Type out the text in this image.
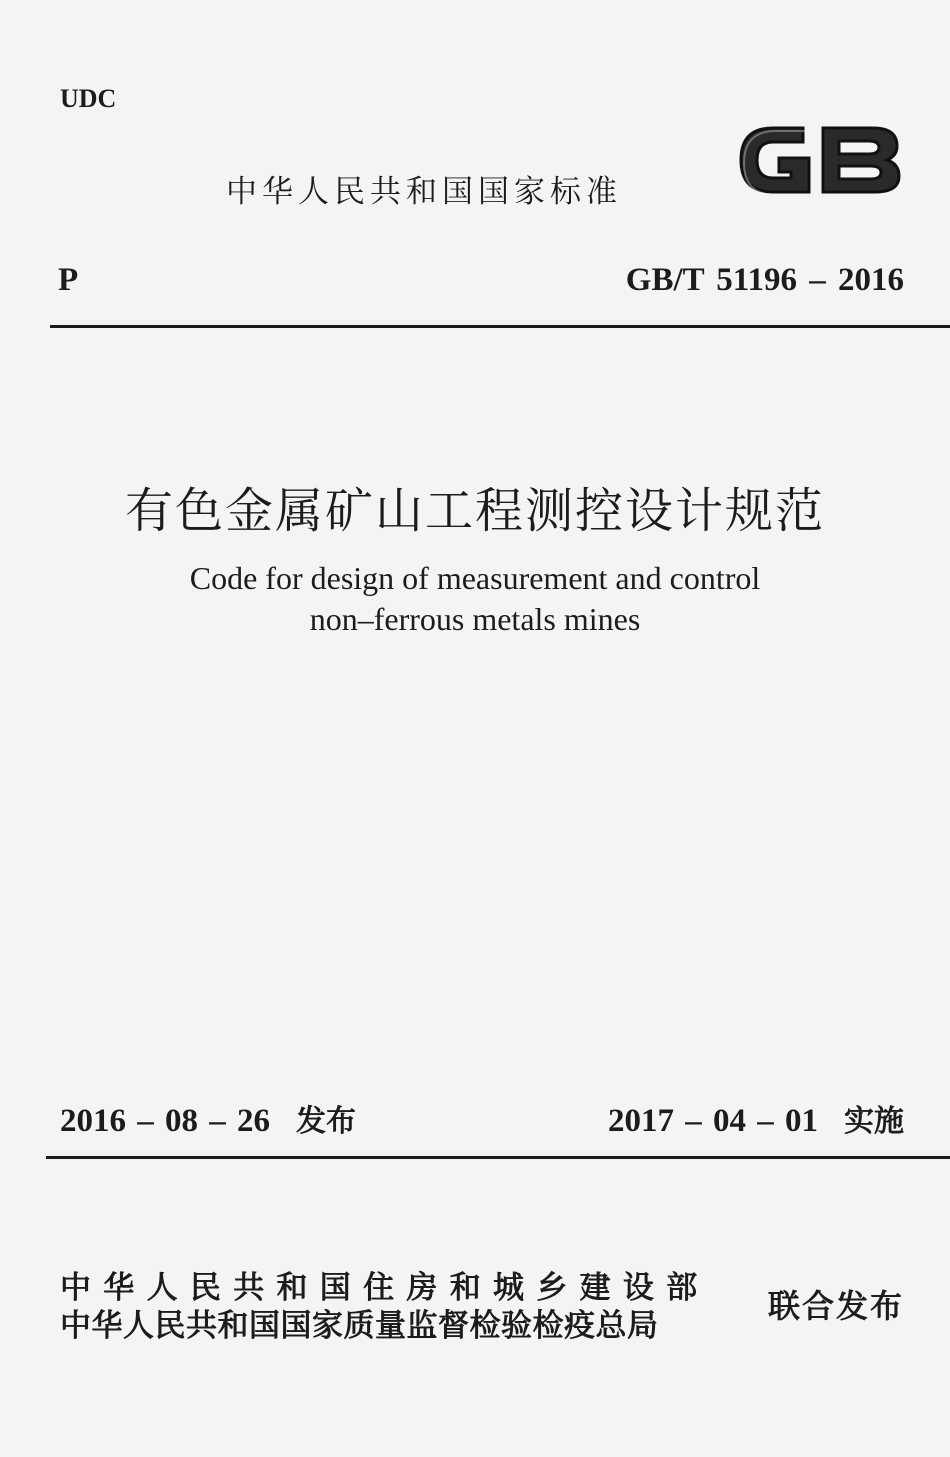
UDC
中华人民共和国国家标准
P	GB/T 51196 – 2016
有色金属矿山工程测控设计规范
Code for design of measurement and control
non–ferrous metals mines
2016 – 08 – 26 发布	2017 – 04 – 01 实施
中华人民共和国住房和城乡建设部
中华人民共和国国家质量监督检验检疫总局
联合发布
